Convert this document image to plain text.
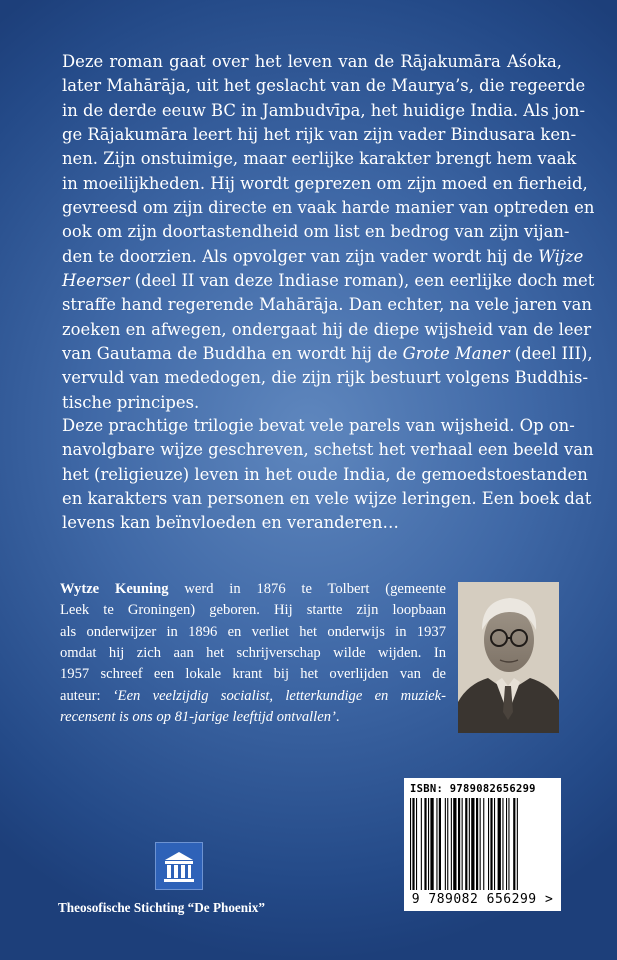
Deze roman gaat over het leven van de Rājakumāra Aśoka,
later Mahārāja, uit het geslacht van de Maurya’s, die regeerde
in de derde eeuw BC in Jambudvīpa, het huidige India. Als jon-
ge Rājakumāra leert hij het rijk van zijn vader Bindusara ken-
nen. Zijn onstuimige, maar eerlijke karakter brengt hem vaak
in moeilijkheden. Hij wordt geprezen om zijn moed en fierheid,
gevreesd om zijn directe en vaak harde manier van optreden en
ook om zijn doortastendheid om list en bedrog van zijn vijan-
den te doorzien. Als opvolger van zijn vader wordt hij de Wijze
Heerser (deel II van deze Indiase roman), een eerlijke doch met
straffe hand regerende Mahārāja. Dan echter, na vele jaren van
zoeken en afwegen, ondergaat hij de diepe wijsheid van de leer
van Gautama de Buddha en wordt hij de Grote Maner (deel III),
vervuld van mededogen, die zijn rijk bestuurt volgens Buddhis-
tische principes.
Deze prachtige trilogie bevat vele parels van wijsheid. Op on-
navolgbare wijze geschreven, schetst het verhaal een beeld van
het (religieuze) leven in het oude India, de gemoedstoestanden
en karakters van personen en vele wijze leringen. Een boek dat
levens kan beïnvloeden en veranderen…
Wytze Keuning werd in 1876 te Tolbert (gemeente
Leek te Groningen) geboren. Hij startte zijn loopbaan
als onderwijzer in 1896 en verliet het onderwijs in 1937
omdat hij zich aan het schrijverschap wilde wijden. In
1957 schreef een lokale krant bij het overlijden van de
auteur: ‘Een veelzijdig socialist, letterkundige en muziek-
recensent is ons op 81-jarige leeftijd ontvallen’.
ISBN: 9789082656299
9 789082 656299 >
Theosofische Stichting “De Phoenix”
